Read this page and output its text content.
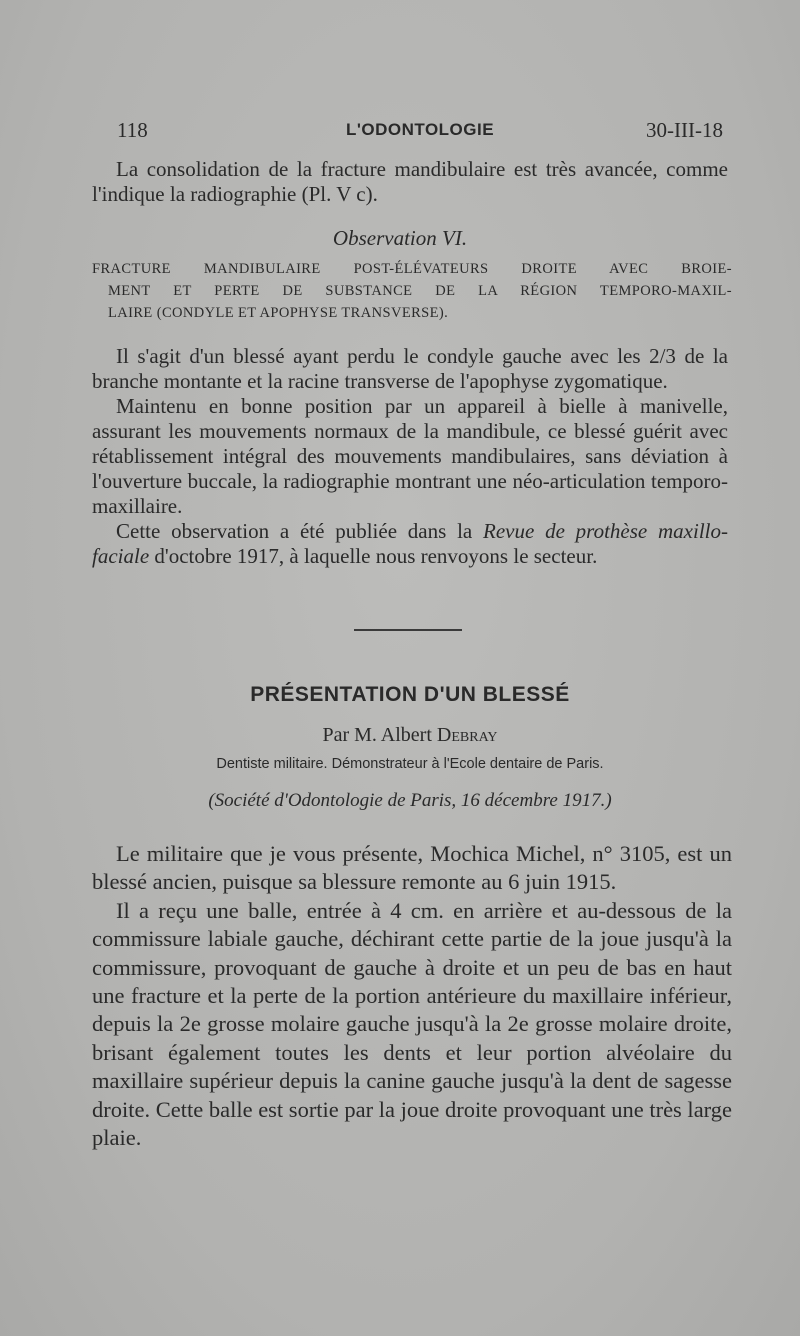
118	L'ODONTOLOGIE	30-III-18

La consolidation de la fracture mandibulaire est très avancée, comme l'indique la radiographie (Pl. V c).

Observation VI.
FRACTURE MANDIBULAIRE POST-ÉLÉVATEURS DROITE AVEC BROIE-
MENT ET PERTE DE SUBSTANCE DE LA RÉGION TEMPORO-MAXIL-
LAIRE (CONDYLE ET APOPHYSE TRANSVERSE).

Il s'agit d'un blessé ayant perdu le condyle gauche avec les 2/3 de la branche montante et la racine transverse de l'apophyse zygomatique.

Maintenu en bonne position par un appareil à bielle à manivelle, assurant les mouvements normaux de la mandibule, ce blessé guérit avec rétablissement intégral des mouvements mandibulaires, sans déviation à l'ouverture buccale, la radiographie montrant une néo-articulation temporo-maxillaire.

Cette observation a été publiée dans la Revue de prothèse maxillo-faciale d'octobre 1917, à laquelle nous renvoyons le secteur.

PRÉSENTATION D'UN BLESSÉ
Par M. Albert Debray
Dentiste militaire. Démonstrateur à l'Ecole dentaire de Paris.
(Société d'Odontologie de Paris, 16 décembre 1917.)

Le militaire que je vous présente, Mochica Michel, n° 3105, est un blessé ancien, puisque sa blessure remonte au 6 juin 1915.

Il a reçu une balle, entrée à 4 cm. en arrière et au-dessous de la commissure labiale gauche, déchirant cette partie de la joue jusqu'à la commissure, provoquant de gauche à droite et un peu de bas en haut une fracture et la perte de la portion antérieure du maxillaire inférieur, depuis la 2e grosse molaire gauche jusqu'à la 2e grosse molaire droite, brisant également toutes les dents et leur portion alvéolaire du maxillaire supérieur depuis la canine gauche jusqu'à la dent de sagesse droite. Cette balle est sortie par la joue droite provoquant une très large plaie.
